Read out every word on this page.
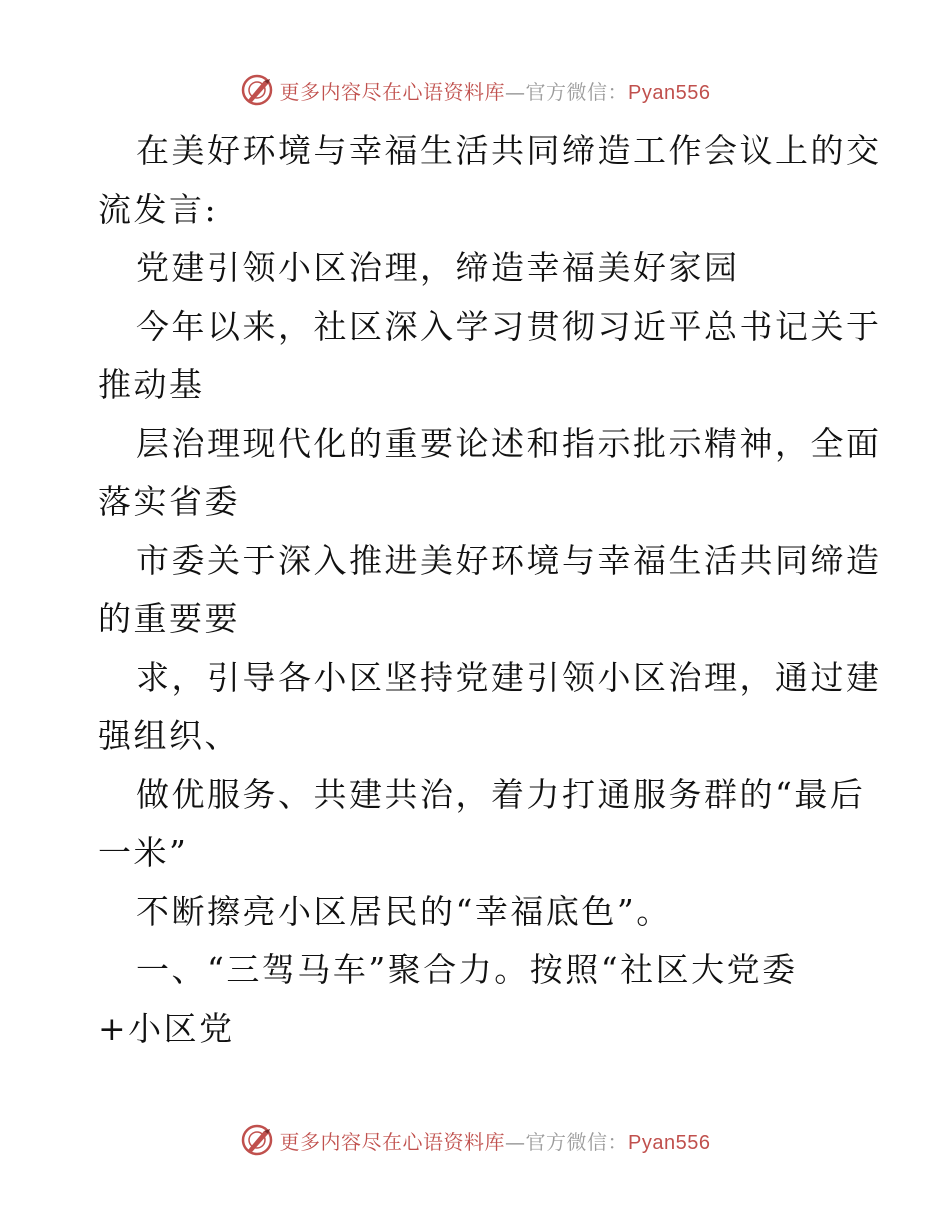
更多内容尽在心语资料库—官方微信：Pyan556
在美好环境与幸福生活共同缔造工作会议上的交
流发言:
党建引领小区治理，缔造幸福美好家园
今年以来，社区深入学习贯彻习近平总书记关于
推动基
层治理现代化的重要论述和指示批示精神，全面
落实省委
市委关于深入推进美好环境与幸福生活共同缔造
的重要要
求，引导各小区坚持党建引领小区治理，通过建
强组织、
做优服务、共建共治，着力打通服务群的“最后
一米”
不断擦亮小区居民的“幸福底色”。
一、“三驾马车”聚合力。按照“社区大党委
+小区党
更多内容尽在心语资料库—官方微信：Pyan556
